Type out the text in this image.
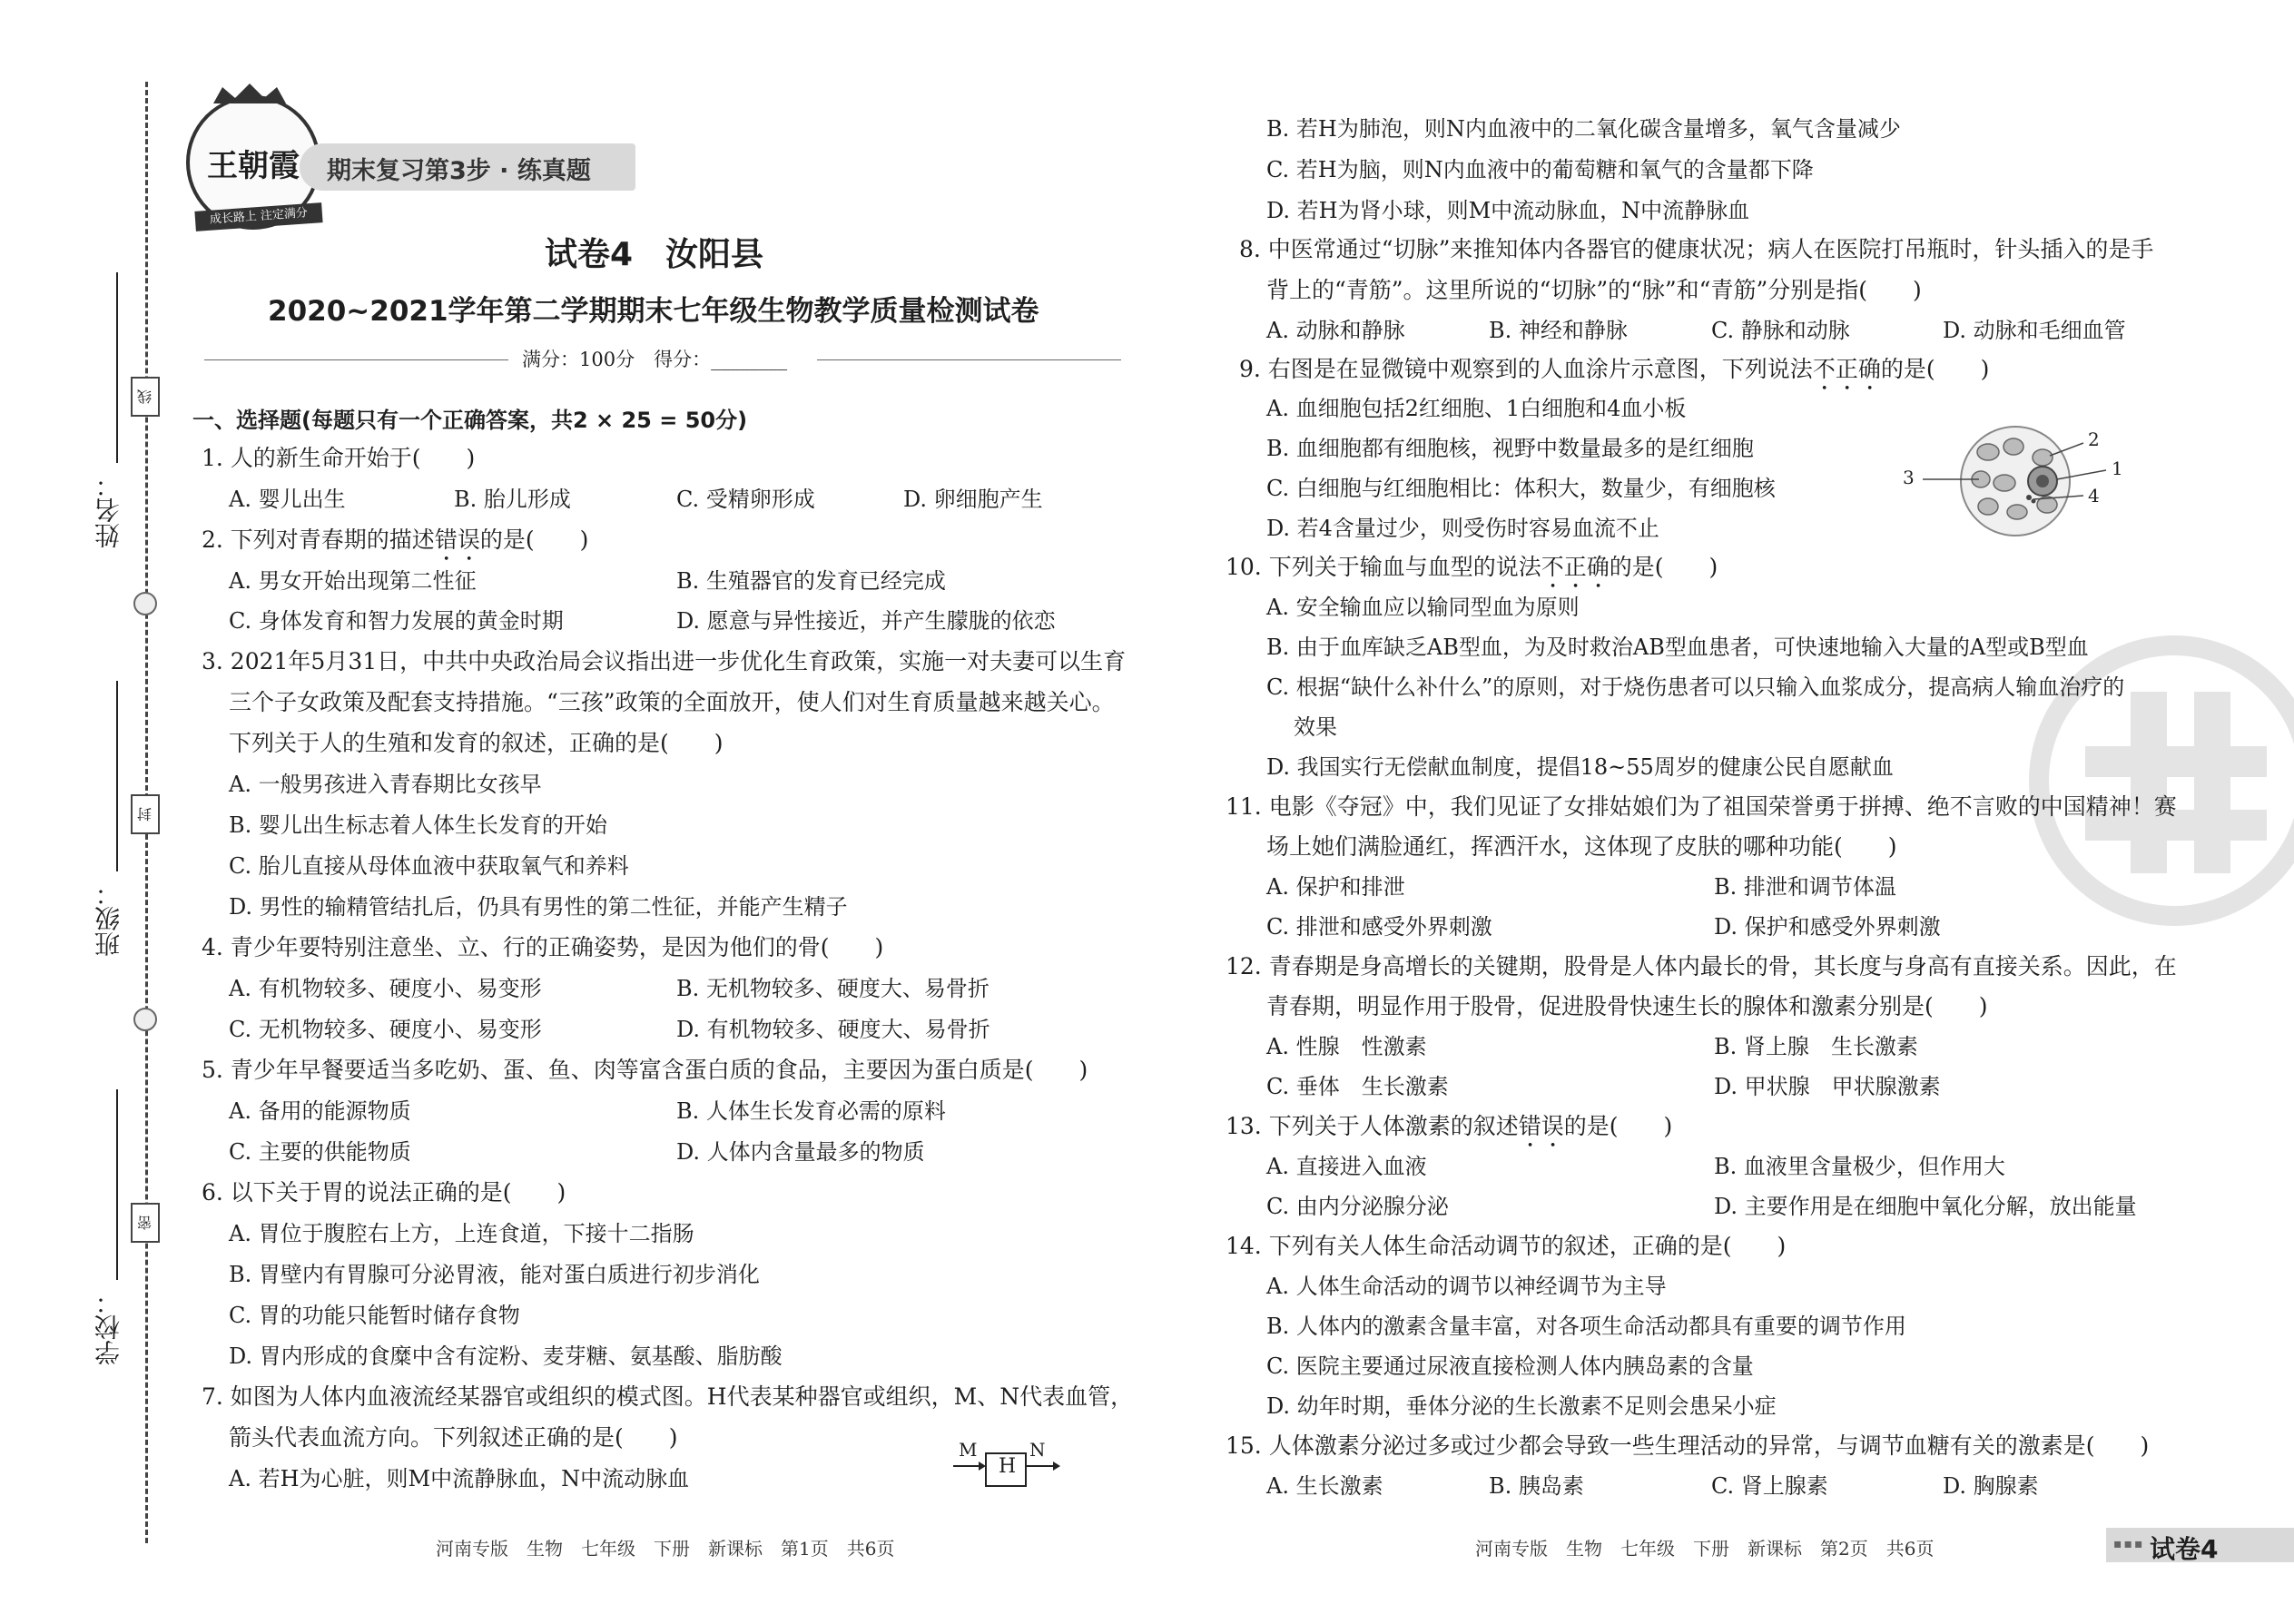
姓名：
班级：
学校：
线
封
密
王朝霞
成长路上 注定满分
期末复习第3步 · 练真题
试卷4　汝阳县
2020~2021学年第二学期期末七年级生物教学质量检测试卷
满分：100分　得分：________
一、选择题(每题只有一个正确答案，共2 × 25 = 50分)
1. 人的新生命开始于(　　)
A. 婴儿出生	B. 胎儿形成	C. 受精卵形成	D. 卵细胞产生
2. 下列对青春期的描述错误的是(　　)
A. 男女开始出现第二性征	B. 生殖器官的发育已经完成
C. 身体发育和智力发展的黄金时期	D. 愿意与异性接近，并产生朦胧的依恋
3. 2021年5月31日，中共中央政治局会议指出进一步优化生育政策，实施一对夫妻可以生育
三个子女政策及配套支持措施。“三孩”政策的全面放开，使人们对生育质量越来越关心。
下列关于人的生殖和发育的叙述，正确的是(　　)
A. 一般男孩进入青春期比女孩早
B. 婴儿出生标志着人体生长发育的开始
C. 胎儿直接从母体血液中获取氧气和养料
D. 男性的输精管结扎后，仍具有男性的第二性征，并能产生精子
4. 青少年要特别注意坐、立、行的正确姿势，是因为他们的骨(　　)
A. 有机物较多、硬度小、易变形	B. 无机物较多、硬度大、易骨折
C. 无机物较多、硬度小、易变形	D. 有机物较多、硬度大、易骨折
5. 青少年早餐要适当多吃奶、蛋、鱼、肉等富含蛋白质的食品，主要因为蛋白质是(　　)
A. 备用的能源物质	B. 人体生长发育必需的原料
C. 主要的供能物质	D. 人体内含量最多的物质
6. 以下关于胃的说法正确的是(　　)
A. 胃位于腹腔右上方，上连食道，下接十二指肠
B. 胃壁内有胃腺可分泌胃液，能对蛋白质进行初步消化
C. 胃的功能只能暂时储存食物
D. 胃内形成的食糜中含有淀粉、麦芽糖、氨基酸、脂肪酸
7. 如图为人体内血液流经某器官或组织的模式图。H代表某种器官或组织，M、N代表血管，
箭头代表血流方向。下列叙述正确的是(　　)
A. 若H为心脏，则M中流静脉血，N中流动脉血
M
H
N
河南专版　生物　七年级　下册　新课标　第1页　共6页
B. 若H为肺泡，则N内血液中的二氧化碳含量增多，氧气含量减少
C. 若H为脑，则N内血液中的葡萄糖和氧气的含量都下降
D. 若H为肾小球，则M中流动脉血，N中流静脉血
8. 中医常通过“切脉”来推知体内各器官的健康状况；病人在医院打吊瓶时，针头插入的是手
背上的“青筋”。这里所说的“切脉”的“脉”和“青筋”分别是指(　　)
A. 动脉和静脉	B. 神经和静脉	C. 静脉和动脉	D. 动脉和毛细血管
9. 右图是在显微镜中观察到的人血涂片示意图，下列说法不正确的是(　　)
A. 血细胞包括2红细胞、1白细胞和4血小板
B. 血细胞都有细胞核，视野中数量最多的是红细胞
C. 白细胞与红细胞相比：体积大，数量少，有细胞核
D. 若4含量过少，则受伤时容易血流不止
2
1
3
4
10. 下列关于输血与血型的说法不正确的是(　　)
A. 安全输血应以输同型血为原则
B. 由于血库缺乏AB型血，为及时救治AB型血患者，可快速地输入大量的A型或B型血
C. 根据“缺什么补什么”的原则，对于烧伤患者可以只输入血浆成分，提高病人输血治疗的
效果
D. 我国实行无偿献血制度，提倡18~55周岁的健康公民自愿献血
11. 电影《夺冠》中，我们见证了女排姑娘们为了祖国荣誉勇于拼搏、绝不言败的中国精神！赛
场上她们满脸通红，挥洒汗水，这体现了皮肤的哪种功能(　　)
A. 保护和排泄	B. 排泄和调节体温
C. 排泄和感受外界刺激	D. 保护和感受外界刺激
12. 青春期是身高增长的关键期，股骨是人体内最长的骨，其长度与身高有直接关系。因此，在
青春期，明显作用于股骨，促进股骨快速生长的腺体和激素分别是(　　)
A. 性腺　性激素	B. 肾上腺　生长激素
C. 垂体　生长激素	D. 甲状腺　甲状腺激素
13. 下列关于人体激素的叙述错误的是(　　)
A. 直接进入血液	B. 血液里含量极少，但作用大
C. 由内分泌腺分泌	D. 主要作用是在细胞中氧化分解，放出能量
14. 下列有关人体生命活动调节的叙述，正确的是(　　)
A. 人体生命活动的调节以神经调节为主导
B. 人体内的激素含量丰富，对各项生命活动都具有重要的调节作用
C. 医院主要通过尿液直接检测人体内胰岛素的含量
D. 幼年时期，垂体分泌的生长激素不足则会患呆小症
15. 人体激素分泌过多或过少都会导致一些生理活动的异常，与调节血糖有关的激素是(　　)
A. 生长激素	B. 胰岛素	C. 肾上腺素	D. 胸腺素
河南专版　生物　七年级　下册　新课标　第2页　共6页	▪▪▪ 试卷4
